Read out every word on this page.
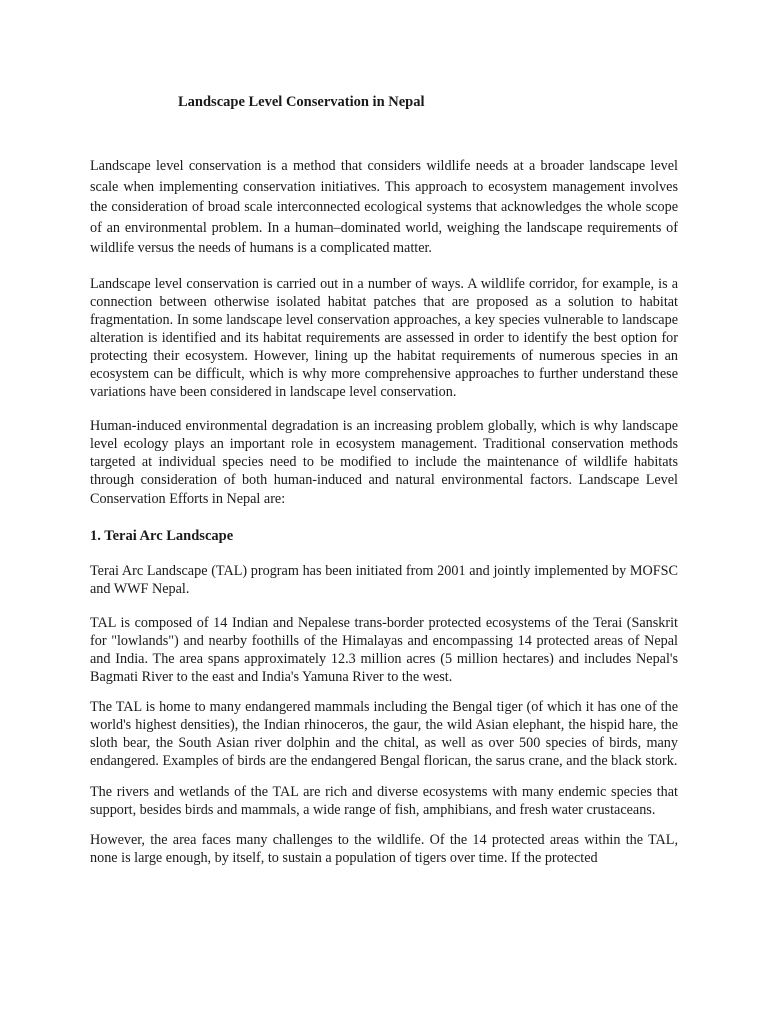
Landscape Level Conservation in Nepal

Landscape level conservation is a method that considers wildlife needs at a broader landscape level scale when implementing conservation initiatives. This approach to ecosystem management involves the consideration of broad scale interconnected ecological systems that acknowledges the whole scope of an environmental problem. In a human–dominated world, weighing the landscape requirements of wildlife versus the needs of humans is a complicated matter.

Landscape level conservation is carried out in a number of ways. A wildlife corridor, for example, is a connection between otherwise isolated habitat patches that are proposed as a solution to habitat fragmentation. In some landscape level conservation approaches, a key species vulnerable to landscape alteration is identified and its habitat requirements are assessed in order to identify the best option for protecting their ecosystem. However, lining up the habitat requirements of numerous species in an ecosystem can be difficult, which is why more comprehensive approaches to further understand these variations have been considered in landscape level conservation.

Human-induced environmental degradation is an increasing problem globally, which is why landscape level ecology plays an important role in ecosystem management. Traditional conservation methods targeted at individual species need to be modified to include the maintenance of wildlife habitats through consideration of both human-induced and natural environmental factors. Landscape Level Conservation Efforts in Nepal are:

1. Terai Arc Landscape

Terai Arc Landscape (TAL) program has been initiated from 2001 and jointly implemented by MOFSC and WWF Nepal.

TAL is composed of 14 Indian and Nepalese trans-border protected ecosystems of the Terai (Sanskrit for "lowlands") and nearby foothills of the Himalayas and encompassing 14 protected areas of Nepal and India. The area spans approximately 12.3 million acres (5 million hectares) and includes Nepal's Bagmati River to the east and India's Yamuna River to the west.

The TAL is home to many endangered mammals including the Bengal tiger (of which it has one of the world's highest densities), the Indian rhinoceros, the gaur, the wild Asian elephant, the hispid hare, the sloth bear, the South Asian river dolphin and the chital, as well as over 500 species of birds, many endangered. Examples of birds are the endangered Bengal florican, the sarus crane, and the black stork.

The rivers and wetlands of the TAL are rich and diverse ecosystems with many endemic species that support, besides birds and mammals, a wide range of fish, amphibians, and fresh water crustaceans.

However, the area faces many challenges to the wildlife. Of the 14 protected areas within the TAL, none is large enough, by itself, to sustain a population of tigers over time. If the protected
